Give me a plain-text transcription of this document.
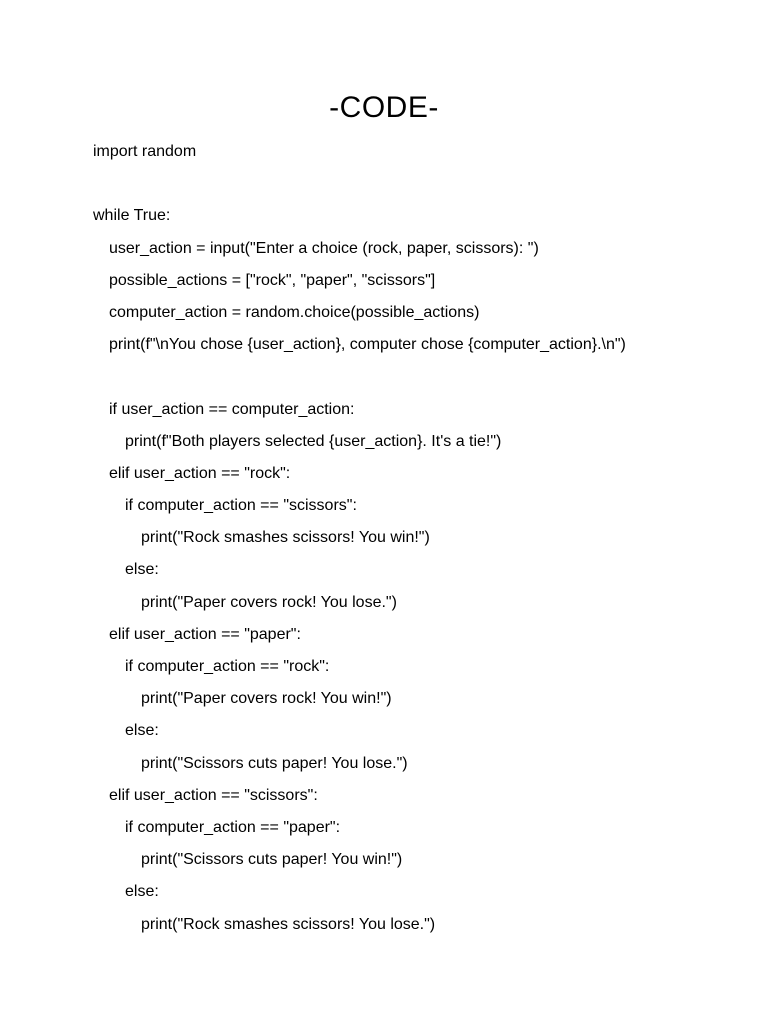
-CODE-
import random
while True:
user_action = input("Enter a choice (rock, paper, scissors): ")
possible_actions = ["rock", "paper", "scissors"]
computer_action = random.choice(possible_actions)
print(f"\nYou chose {user_action}, computer chose {computer_action}.\n")
if user_action == computer_action:
print(f"Both players selected {user_action}. It's a tie!")
elif user_action == "rock":
if computer_action == "scissors":
print("Rock smashes scissors! You win!")
else:
print("Paper covers rock! You lose.")
elif user_action == "paper":
if computer_action == "rock":
print("Paper covers rock! You win!")
else:
print("Scissors cuts paper! You lose.")
elif user_action == "scissors":
if computer_action == "paper":
print("Scissors cuts paper! You win!")
else:
print("Rock smashes scissors! You lose.")
